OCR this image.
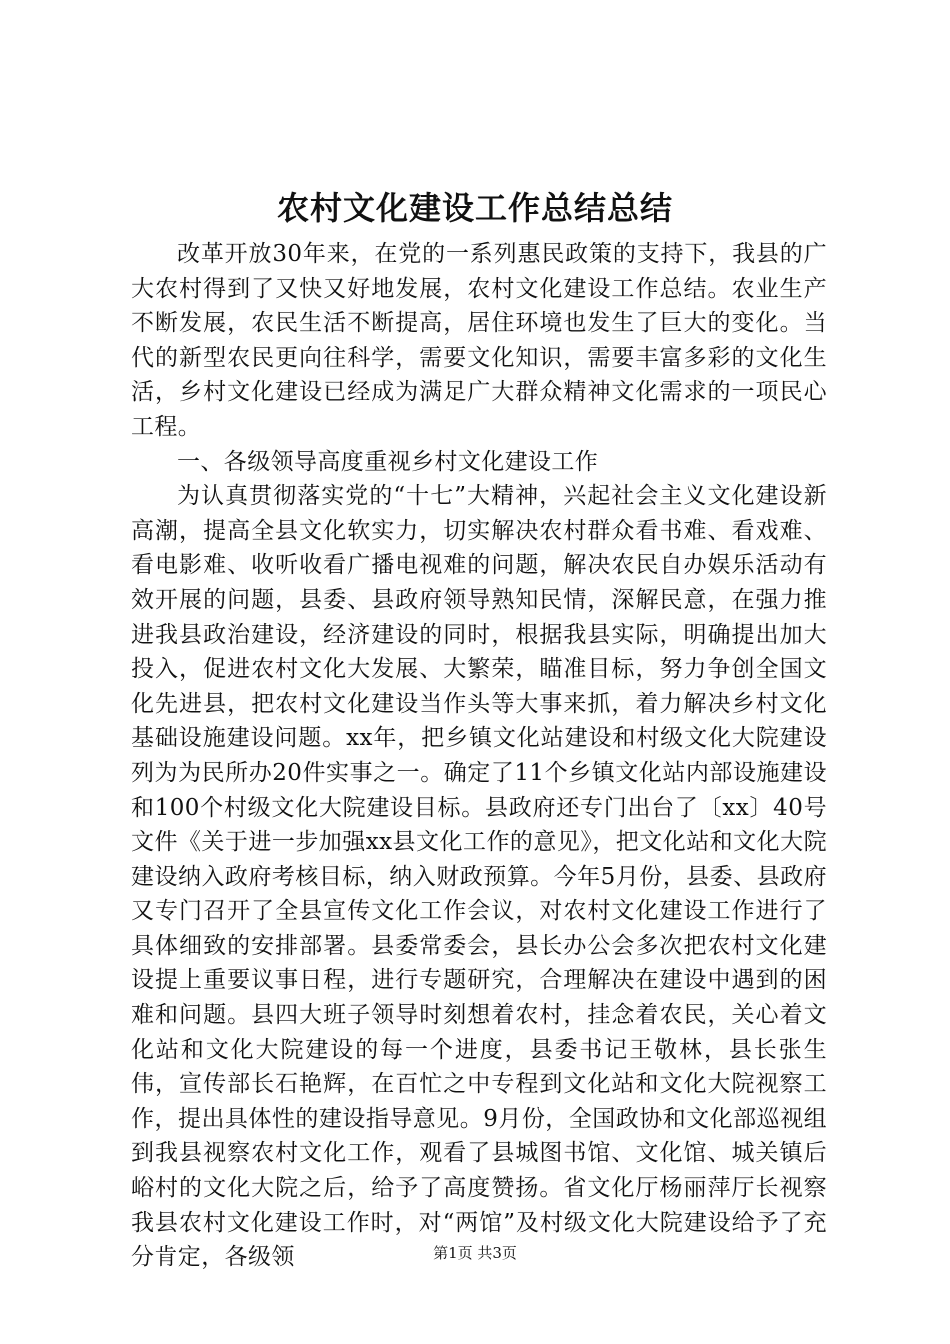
农村文化建设工作总结总结

改革开放30年来，在党的一系列惠民政策的支持下，我县的广大农村得到了又快又好地发展，农村文化建设工作总结。农业生产不断发展，农民生活不断提高，居住环境也发生了巨大的变化。当代的新型农民更向往科学，需要文化知识，需要丰富多彩的文化生活，乡村文化建设已经成为满足广大群众精神文化需求的一项民心工程。

一、各级领导高度重视乡村文化建设工作

为认真贯彻落实党的“十七”大精神，兴起社会主义文化建设新高潮，提高全县文化软实力，切实解决农村群众看书难、看戏难、看电影难、收听收看广播电视难的问题，解决农民自办娱乐活动有效开展的问题，县委、县政府领导熟知民情，深解民意，在强力推进我县政治建设，经济建设的同时，根据我县实际，明确提出加大投入，促进农村文化大发展、大繁荣，瞄准目标，努力争创全国文化先进县，把农村文化建设当作头等大事来抓，着力解决乡村文化基础设施建设问题。xx年，把乡镇文化站建设和村级文化大院建设列为为民所办20件实事之一。确定了11个乡镇文化站内部设施建设和100个村级文化大院建设目标。县政府还专门出台了〔xx〕40号文件《关于进一步加强xx县文化工作的意见》，把文化站和文化大院建设纳入政府考核目标，纳入财政预算。今年5月份，县委、县政府又专门召开了全县宣传文化工作会议，对农村文化建设工作进行了具体细致的安排部署。县委常委会，县长办公会多次把农村文化建设提上重要议事日程，进行专题研究，合理解决在建设中遇到的困难和问题。县四大班子领导时刻想着农村，挂念着农民，关心着文化站和文化大院建设的每一个进度，县委书记王敬林，县长张生伟，宣传部长石艳辉，在百忙之中专程到文化站和文化大院视察工作，提出具体性的建设指导意见。9月份，全国政协和文化部巡视组到我县视察农村文化工作，观看了县城图书馆、文化馆、城关镇后峪村的文化大院之后，给予了高度赞扬。省文化厅杨丽萍厅长视察我县农村文化建设工作时，对“两馆”及村级文化大院建设给予了充分肯定，各级领	第1页 共3页
